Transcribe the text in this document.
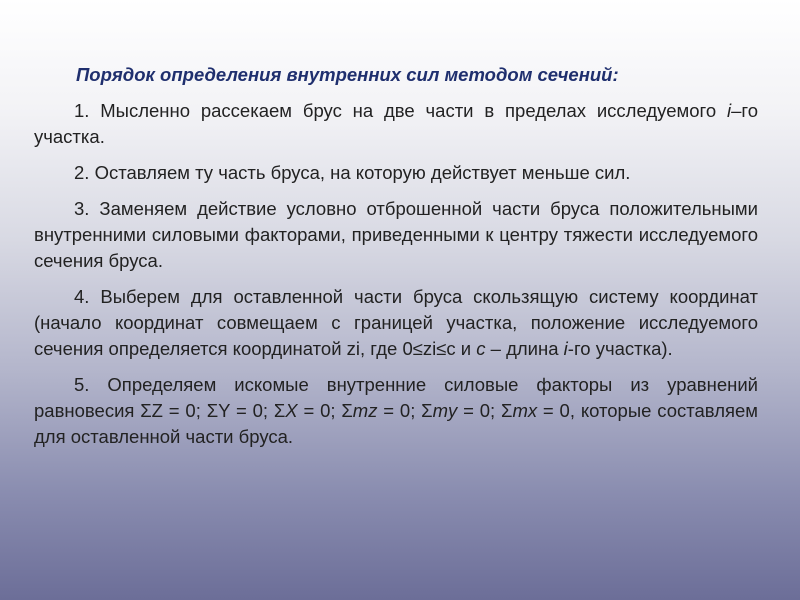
Порядок определения внутренних сил методом сечений:

1. Мысленно рассекаем брус на две части в пределах исследуемого i–го участка.

2. Оставляем ту часть бруса, на которую действует меньше сил.

3. Заменяем действие условно отброшенной части бруса положительными внутренними силовыми факторами, приведенными к центру тяжести исследуемого сечения бруса.

4. Выберем для оставленной части бруса скользящую систему координат (начало координат совмещаем с границей участка, положение исследуемого сечения определяется координатой zi, где 0≤zi≤c и c – длина i-го участка).

5. Определяем искомые внутренние силовые факторы из уравнений равновесия ΣZ = 0; ΣY = 0; ΣX = 0; Σmz = 0; Σmy = 0; Σmx = 0, которые составляем для оставленной части бруса.
